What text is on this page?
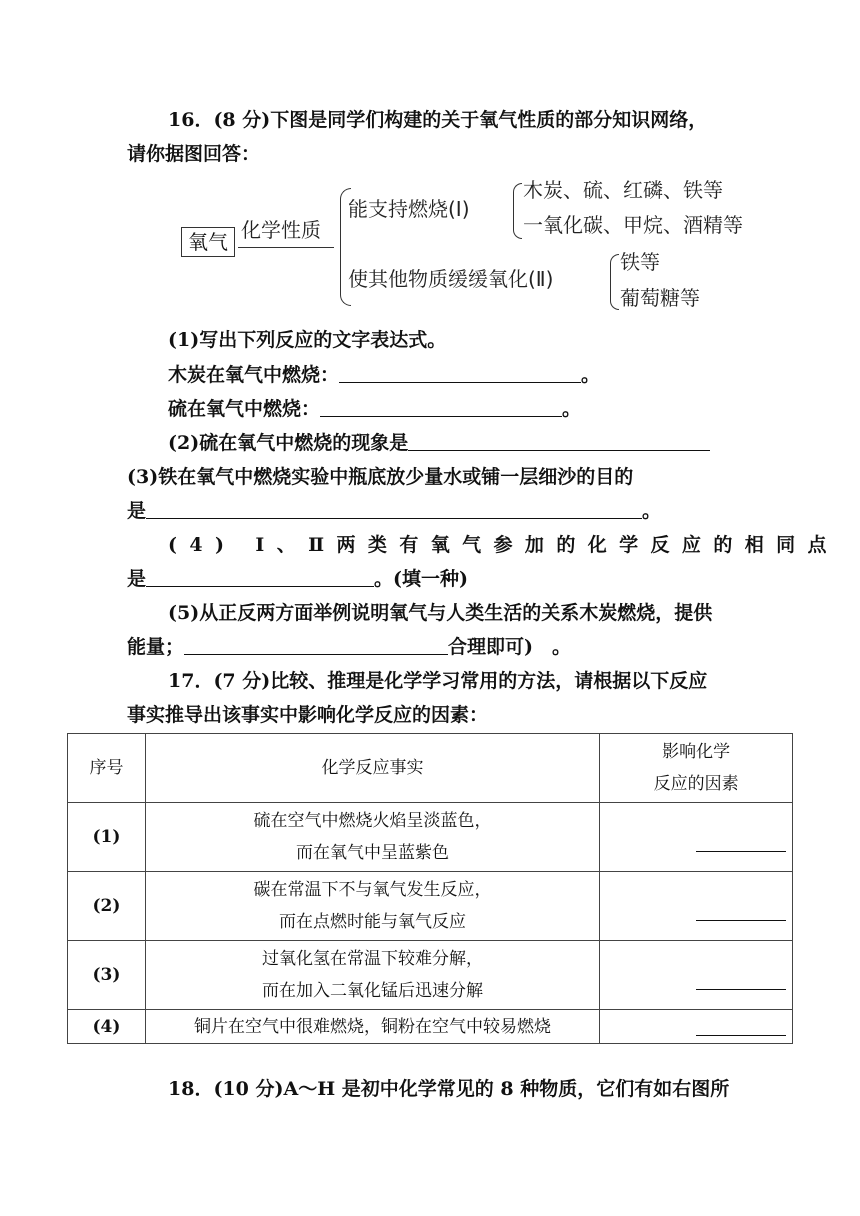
16．(8 分)下图是同学们构建的关于氧气性质的部分知识网络，
请你据图回答：
氧气 化学性质
能支持燃烧(Ⅰ)
木炭、硫、红磷、铁等
一氧化碳、甲烷、酒精等
使其他物质缓缓氧化(Ⅱ)
铁等
葡萄糖等
(1)写出下列反应的文字表达式。
木炭在氧气中燃烧：	。
硫在氧气中燃烧：	。
(2)硫在氧气中燃烧的现象是
(3)铁在氧气中燃烧实验中瓶底放少量水或铺一层细沙的目的
是	。
(4) Ⅰ、Ⅱ两类有氧气参加的化学反应的相同点
是	。(填一种)
(5)从正反两方面举例说明氧气与人类生活的关系木炭燃烧，提供
能量；	合理即可)　。
17．(7 分)比较、推理是化学学习常用的方法，请根据以下反应
事实推导出该事实中影响化学反应的因素：
序号	化学反应事实	影响化学
反应的因素

(1)	硫在空气中燃烧火焰呈淡蓝色，
而在氧气中呈蓝紫色	

(2)	碳在常温下不与氧气发生反应，
而在点燃时能与氧气反应	

(3)	过氧化氢在常温下较难分解，
而在加入二氧化锰后迅速分解	

(4)	铜片在空气中很难燃烧，铜粉在空气中较易燃烧	

18．(10 分)A～H 是初中化学常见的 8 种物质，它们有如右图所
